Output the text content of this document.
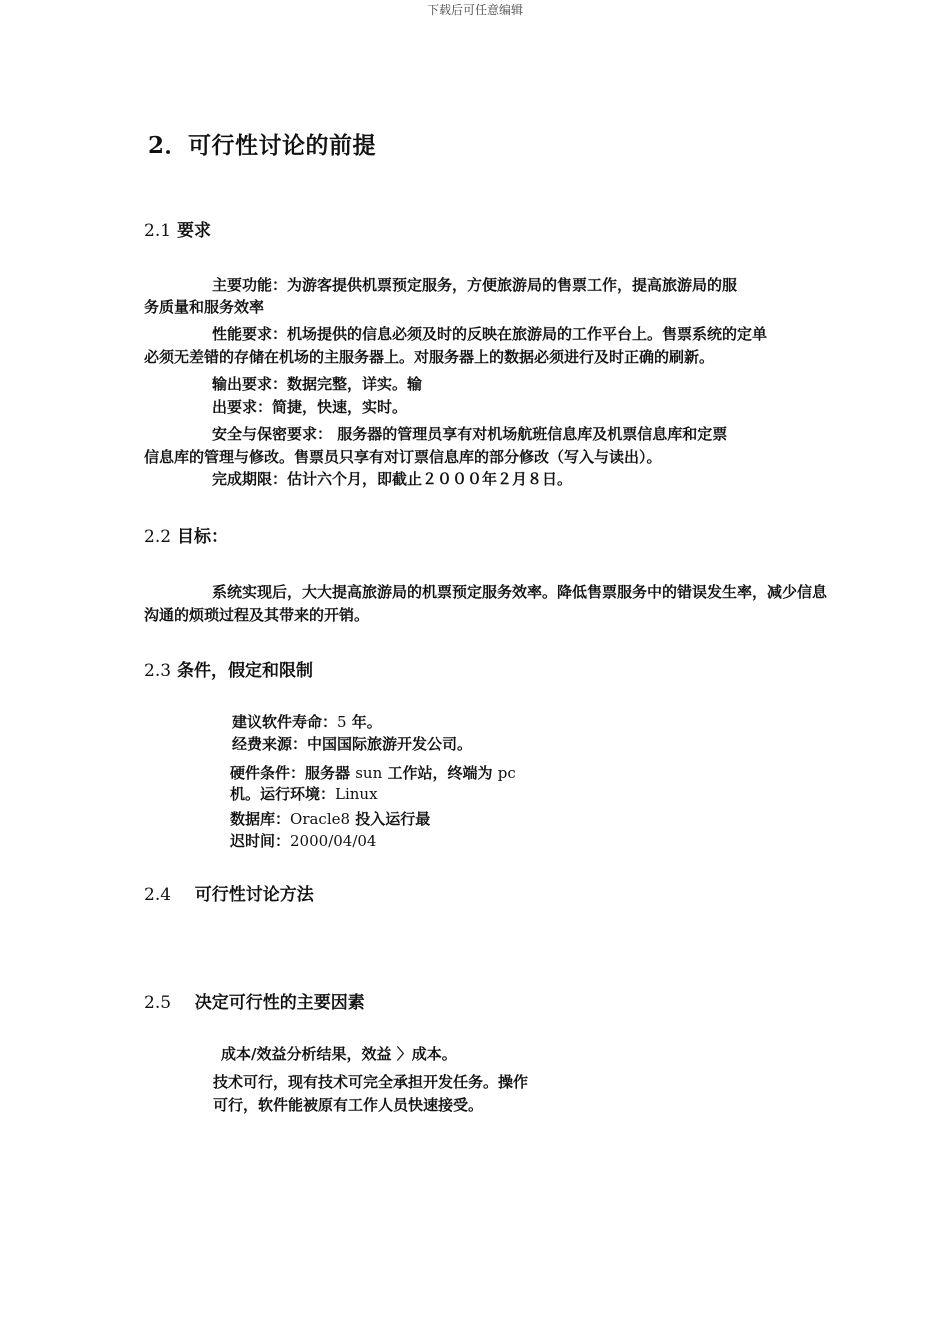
下载后可任意编辑
2．可行性讨论的前提
2.1 要求
主要功能：为游客提供机票预定服务，方便旅游局的售票工作，提高旅游局的服
务质量和服务效率
性能要求：机场提供的信息必须及时的反映在旅游局的工作平台上。售票系统的定单
必须无差错的存储在机场的主服务器上。对服务器上的数据必须进行及时正确的刷新。
输出要求：数据完整，详实。输
出要求：简捷，快速，实时。
安全与保密要求： 服务器的管理员享有对机场航班信息库及机票信息库和定票
信息库的管理与修改。售票员只享有对订票信息库的部分修改（写入与读出）。
完成期限：估计六个月，即截止２０００年２月８日。
2.2 目标：
系统实现后，大大提高旅游局的机票预定服务效率。降低售票服务中的错误发生率，减少信息
沟通的烦琐过程及其带来的开销。
2.3 条件，假定和限制
建议软件寿命：5 年。
经费来源：中国国际旅游开发公司。
硬件条件：服务器 sun 工作站，终端为 pc
机。运行环境：Linux
数据库：Oracle8 投入运行最
迟时间：2000/04/04
2.4 可行性讨论方法
2.5 决定可行性的主要因素
成本/效益分析结果，效益 〉成本。
技术可行，现有技术可完全承担开发任务。操作
可行，软件能被原有工作人员快速接受。
